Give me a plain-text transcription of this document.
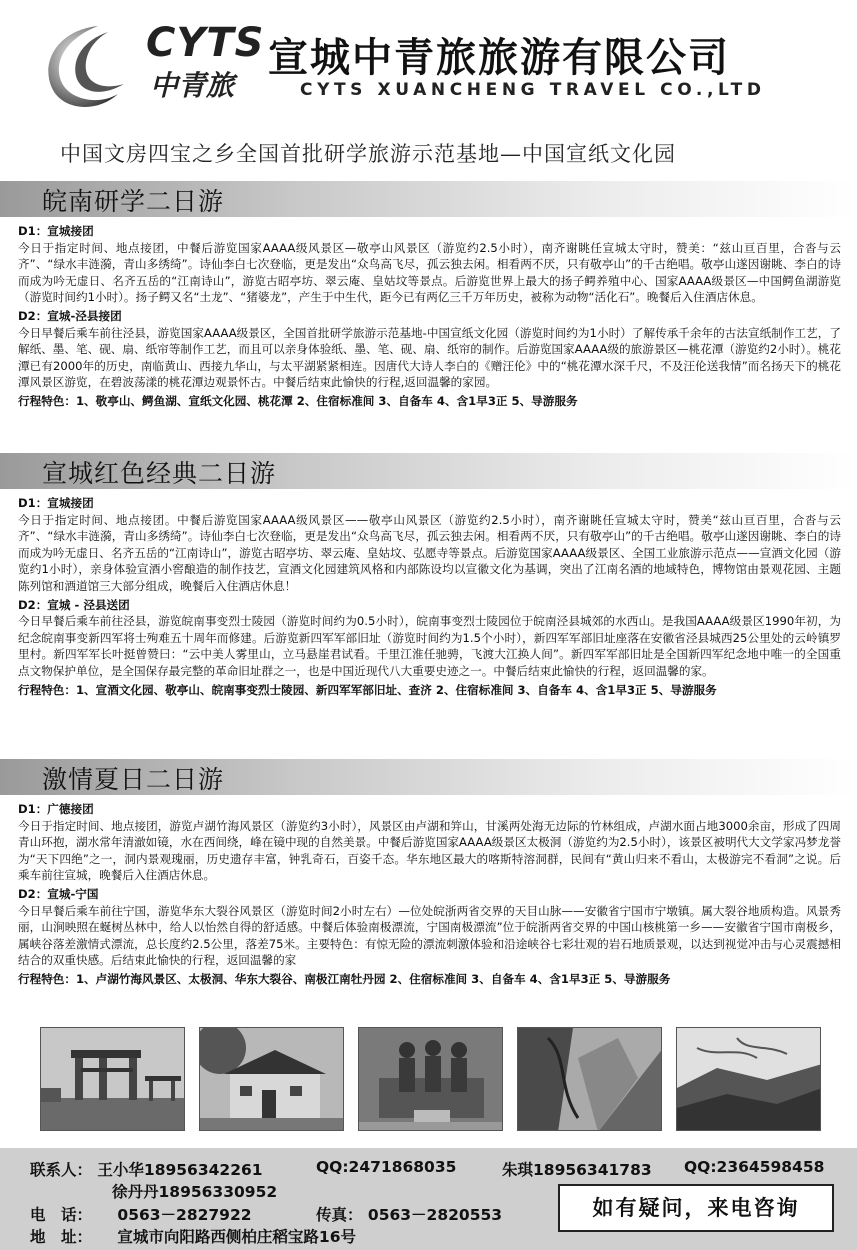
CYTS
中青旅
宣城中青旅旅游有限公司
CYTS XUANCHENG TRAVEL CO.,LTD
中国文房四宝之乡全国首批研学旅游示范基地—中国宣纸文化园
皖南研学二日游
D1：宣城接团
今日于指定时间、地点接团，中餐后游览国家AAAA级风景区—敬亭山风景区（游览约2.5小时），南齐谢眺任宣城太守时，赞美：“兹山亘百里，合沓与云齐”、“绿水丰涟漪，青山多绣绮”。诗仙李白七次登临，更是发出“众鸟高飞尽，孤云独去闲。相看两不厌，只有敬亭山”的千古绝唱。敬亭山遂因谢眺、李白的诗而成为吟无虚日、名齐五岳的“江南诗山”，游览古昭亭坊、翠云庵、皇姑坟等景点。后游览世界上最大的扬子鳄养殖中心、国家AAAA级景区—中国鳄鱼湖游览（游览时间约1小时）。扬子鳄又名“土龙”、“猪婆龙”，产生于中生代，距今已有两亿三千万年历史，被称为动物“活化石”。晚餐后入住酒店休息。
D2：宣城-泾县接团
今日早餐后乘车前往泾县，游览国家AAAA级景区，全国首批研学旅游示范基地-中国宣纸文化园（游览时间约为1小时）了解传承千余年的古法宣纸制作工艺，了解纸、墨、笔、砚、扇、纸帘等制作工艺，而且可以亲身体验纸、墨、笔、砚、扇、纸帘的制作。后游览国家AAAA级的旅游景区—桃花潭（游览约2小时）。桃花潭已有2000年的历史，南临黄山、西接九华山，与太平湖紧紧相连。因唐代大诗人李白的《赠汪伦》中的“桃花潭水深千尺，不及汪伦送我情”而名扬天下的桃花潭风景区游览，在碧波荡漾的桃花潭边观景怀古。中餐后结束此愉快的行程,返回温馨的家园。
行程特色：1、敬亭山、鳄鱼湖、宣纸文化园、桃花潭 2、住宿标准间 3、自备车 4、含1早3正 5、导游服务
宣城红色经典二日游
D1：宣城接团
今日于指定时间、地点接团。中餐后游览国家AAAA级风景区——敬亭山风景区（游览约2.5小时），南齐谢眺任宣城太守时，赞美“兹山亘百里，合沓与云齐”、“绿水丰涟漪，青山多绣绮”。诗仙李白七次登临，更是发出“众鸟高飞尽，孤云独去闲。相看两不厌，只有敬亭山”的千古绝唱。敬亭山遂因谢眺、李白的诗而成为吟无虚日、名齐五岳的“江南诗山”，游览古昭亭坊、翠云庵、皇姑坟、弘愿寺等景点。后游览国家AAAA级景区、全国工业旅游示范点——宣酒文化园（游览约1小时），亲身体验宣酒小窖酿造的制作技艺，宣酒文化园建筑风格和内部陈设均以宣徽文化为基调，突出了江南名酒的地域特色，博物馆由景观花园、主题陈列馆和酒道馆三大部分组成，晚餐后入住酒店休息！
D2：宣城 - 泾县送团
今日早餐后乘车前往泾县，游览皖南事变烈士陵园（游览时间约为0.5小时），皖南事变烈士陵园位于皖南泾县城郊的水西山。是我国AAAA级景区1990年初，为纪念皖南事变新四军将士殉难五十周年而修建。后游览新四军军部旧址（游览时间约为1.5个小时），新四军军部旧址座落在安徽省泾县城西25公里处的云岭镇罗里村。新四军军长叶挺曾赞曰：“云中美人雾里山，立马悬崖君试看。千里江淮任驰骋，飞渡大江换人间”。新四军军部旧址是全国新四军纪念地中唯一的全国重点文物保护单位，是全国保存最完整的革命旧址群之一，也是中国近现代八大重要史迹之一。中餐后结束此愉快的行程，返回温馨的家。
行程特色：1、宣酒文化园、敬亭山、皖南事变烈士陵园、新四军军部旧址、查济 2、住宿标准间 3、自备车 4、含1早3正 5、导游服务
激情夏日二日游
D1：广德接团
今日于指定时间、地点接团，游览卢湖竹海风景区（游览约3小时），风景区由卢湖和笄山，甘溪两处海无边际的竹林组成，卢湖水面占地3000余亩，形成了四周青山环抱，湖水常年清澈如镜，水在西间绕，峰在镜中现的自然美景。中餐后游览国家AAAA级景区太极洞（游览约为2.5小时），该景区被明代大文学家冯梦龙誉为“天下四绝”之一，洞内景观瑰丽，历史遗存丰富，钟乳奇石，百姿千态。华东地区最大的喀斯特溶洞群，民间有“黄山归来不看山，太极游完不看洞”之说。后乘车前往宣城，晚餐后入住酒店休息。
D2：宣城-宁国
今日早餐后乘车前往宁国，游览华东大裂谷风景区（游览时间2小时左右）—位处皖浙两省交界的天目山脉——安徽省宁国市宁墩镇。属大裂谷地质构造。风景秀丽，山涧映照在蜒树丛林中，给人以怡然自得的舒适感。中餐后体验南极漂流，宁国南极漂流”位于皖浙两省交界的中国山核桃第一乡——安徽省宁国市南极乡，属峡谷落差激情式漂流，总长度约2.5公里，落差75米。主要特色：有惊无险的漂流刺激体验和沿途峡谷七彩壮观的岩石地质景观，以达到视觉冲击与心灵震撼相结合的双重快感。后结束此愉快的行程，返回温馨的家
行程特色：1、卢湖竹海风景区、太极洞、华东大裂谷、南极江南牡丹园 2、住宿标准间 3、自备车 4、含1早3正 5、导游服务
联系人： 王小华18956342261	QQ:2471868035	朱琪18956341783 QQ:2364598458
徐丹丹18956330952
电　话： 0563－2827922	传真： 0563－2820553
地　址： 宣城市向阳路西侧柏庄稻宝路16号
如有疑问，来电咨询
